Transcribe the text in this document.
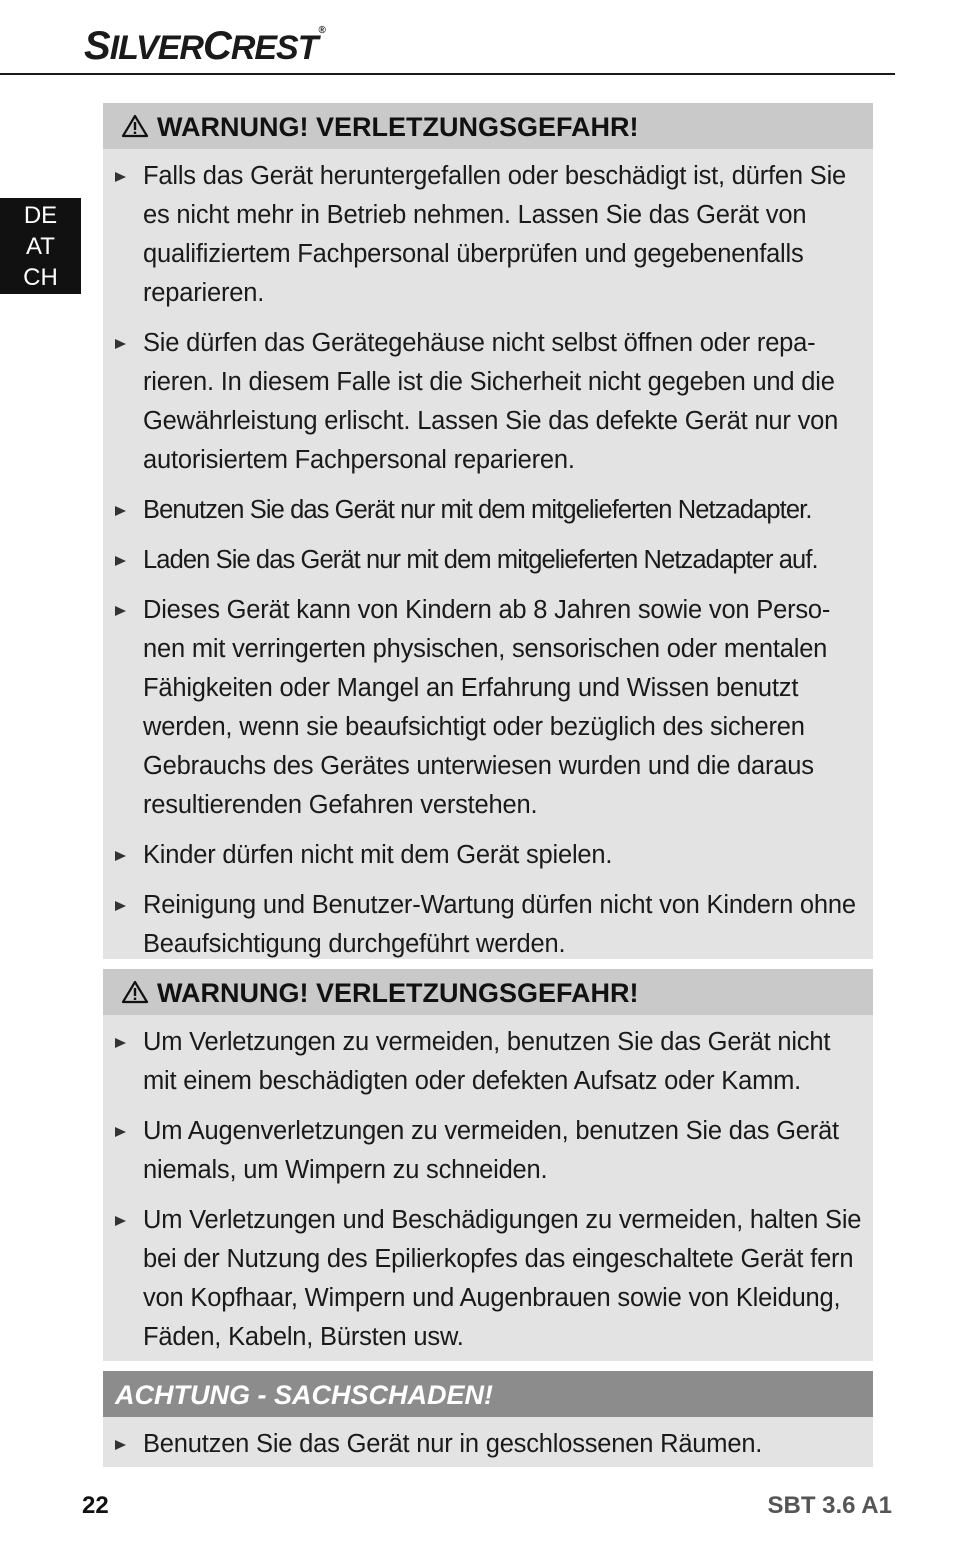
SILVERCREST®
DE
AT
CH
WARNUNG! VERLETZUNGSGEFAHR!
Falls das Gerät heruntergefallen oder beschädigt ist, dürfen Sie es nicht mehr in Betrieb nehmen. Lassen Sie das Gerät von qualifiziertem Fachpersonal überprüfen und gegebenenfalls reparieren.
Sie dürfen das Gerätegehäuse nicht selbst öffnen oder repa-rieren. In diesem Falle ist die Sicherheit nicht gegeben und die Gewährleistung erlischt. Lassen Sie das defekte Gerät nur von autorisiertem Fachpersonal reparieren.
Benutzen Sie das Gerät nur mit dem mitgelieferten Netzadapter.
Laden Sie das Gerät nur mit dem mitgelieferten Netzadapter auf.
Dieses Gerät kann von Kindern ab 8 Jahren sowie von Perso-nen mit verringerten physischen, sensorischen oder mentalen Fähigkeiten oder Mangel an Erfahrung und Wissen benutzt werden, wenn sie beaufsichtigt oder bezüglich des sicheren Gebrauchs des Gerätes unterwiesen wurden und die daraus resultierenden Gefahren verstehen.
Kinder dürfen nicht mit dem Gerät spielen.
Reinigung und Benutzer-Wartung dürfen nicht von Kindern ohne Beaufsichtigung durchgeführt werden.
WARNUNG! VERLETZUNGSGEFAHR!
Um Verletzungen zu vermeiden, benutzen Sie das Gerät nicht mit einem beschädigten oder defekten Aufsatz oder Kamm.
Um Augenverletzungen zu vermeiden, benutzen Sie das Gerät niemals, um Wimpern zu schneiden.
Um Verletzungen und Beschädigungen zu vermeiden, halten Sie bei der Nutzung des Epilierkopfes das eingeschaltete Gerät fern von Kopfhaar, Wimpern und Augenbrauen sowie von Kleidung, Fäden, Kabeln, Bürsten usw.
ACHTUNG - SACHSCHADEN!
Benutzen Sie das Gerät nur in geschlossenen Räumen.
22	SBT 3.6 A1
